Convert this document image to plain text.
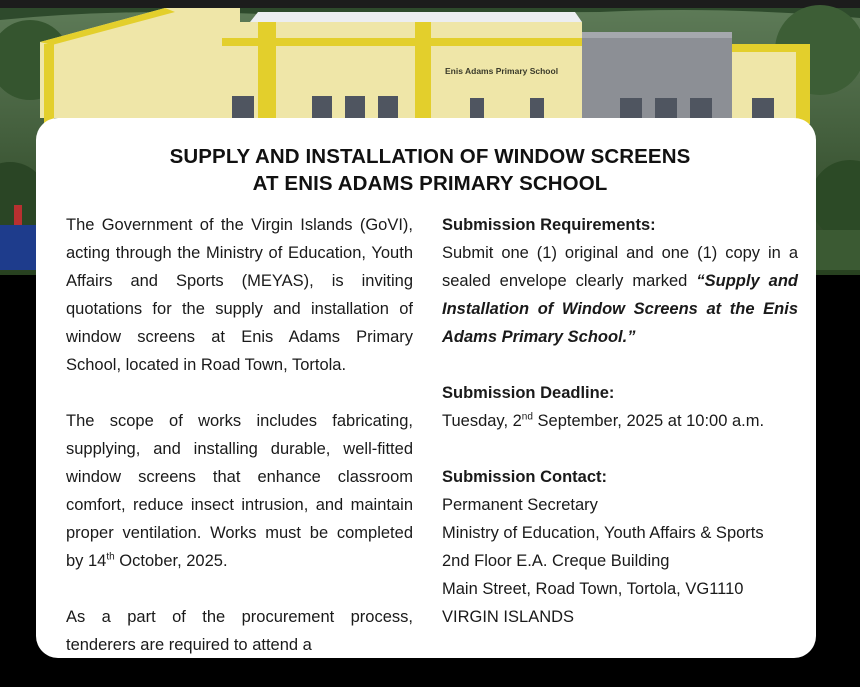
Enis Adams Primary School
SUPPLY AND INSTALLATION OF WINDOW SCREENS
AT ENIS ADAMS PRIMARY SCHOOL

The Government of the Virgin Islands (GoVI), acting through the Ministry of Education, Youth Affairs and Sports (MEYAS), is inviting quotations for the supply and installation of window screens at Enis Adams Primary School, located in Road Town, Tortola.

The scope of works includes fabricating, supplying, and installing durable, well-fitted window screens that enhance classroom comfort, reduce insect intrusion, and maintain proper ventilation. Works must be completed by 14th October, 2025.

As a part of the procurement process, tenderers are required to attend a

Submission Requirements:
Submit one (1) original and one (1) copy in a sealed envelope clearly marked “Supply and Installation of Window Screens at the Enis Adams Primary School.”
Submission Deadline:
Tuesday, 2nd September, 2025 at 10:00 a.m.
Submission Contact:
Permanent Secretary
Ministry of Education, Youth Affairs & Sports
2nd Floor E.A. Creque Building
Main Street, Road Town, Tortola, VG1110
VIRGIN ISLANDS
